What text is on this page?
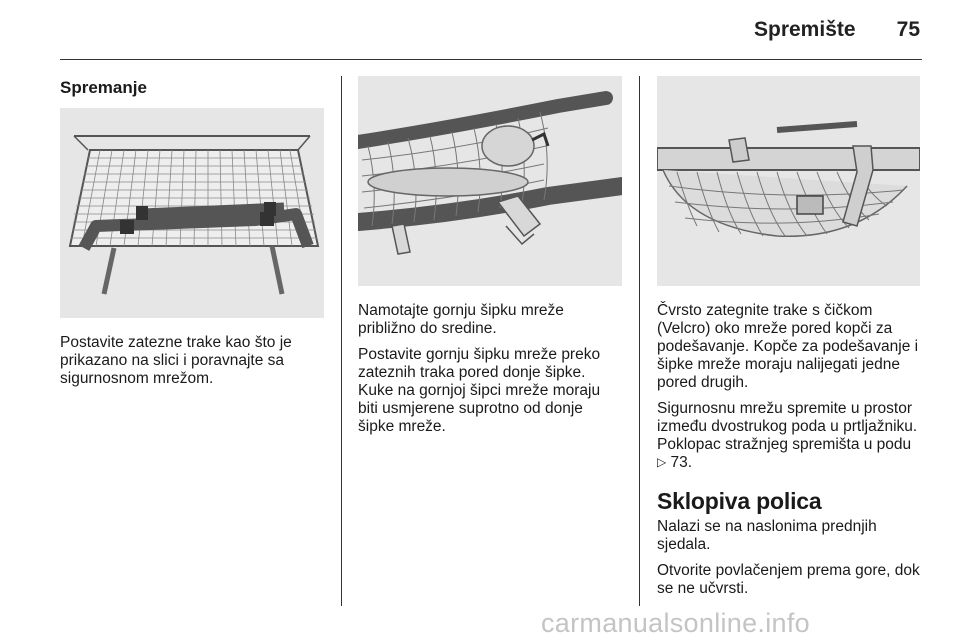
Spremište	75
Spremanje

Postavite zatezne trake kao što je prikazano na slici i poravnajte sa sigurnosnom mrežom.

Namotajte gornju šipku mreže približno do sredine.

Postavite gornju šipku mreže preko zateznih traka pored donje šipke. Kuke na gornjoj šipci mreže moraju biti usmjerene suprotno od donje šipke mreže.

Čvrsto zategnite trake s čičkom (Velcro) oko mreže pored kopči za podešavanje. Kopče za podešavanje i šipke mreže moraju nalijegati jedne pored drugih.

Sigurnosnu mrežu spremite u prostor između dvostrukog poda u prtljažniku. Poklopac stražnjeg spremišta u podu ▷ 73.

Sklopiva polica

Nalazi se na naslonima prednjih sjedala.

Otvorite povlačenjem prema gore, dok se ne učvrsti.

carmanualsonline.info
